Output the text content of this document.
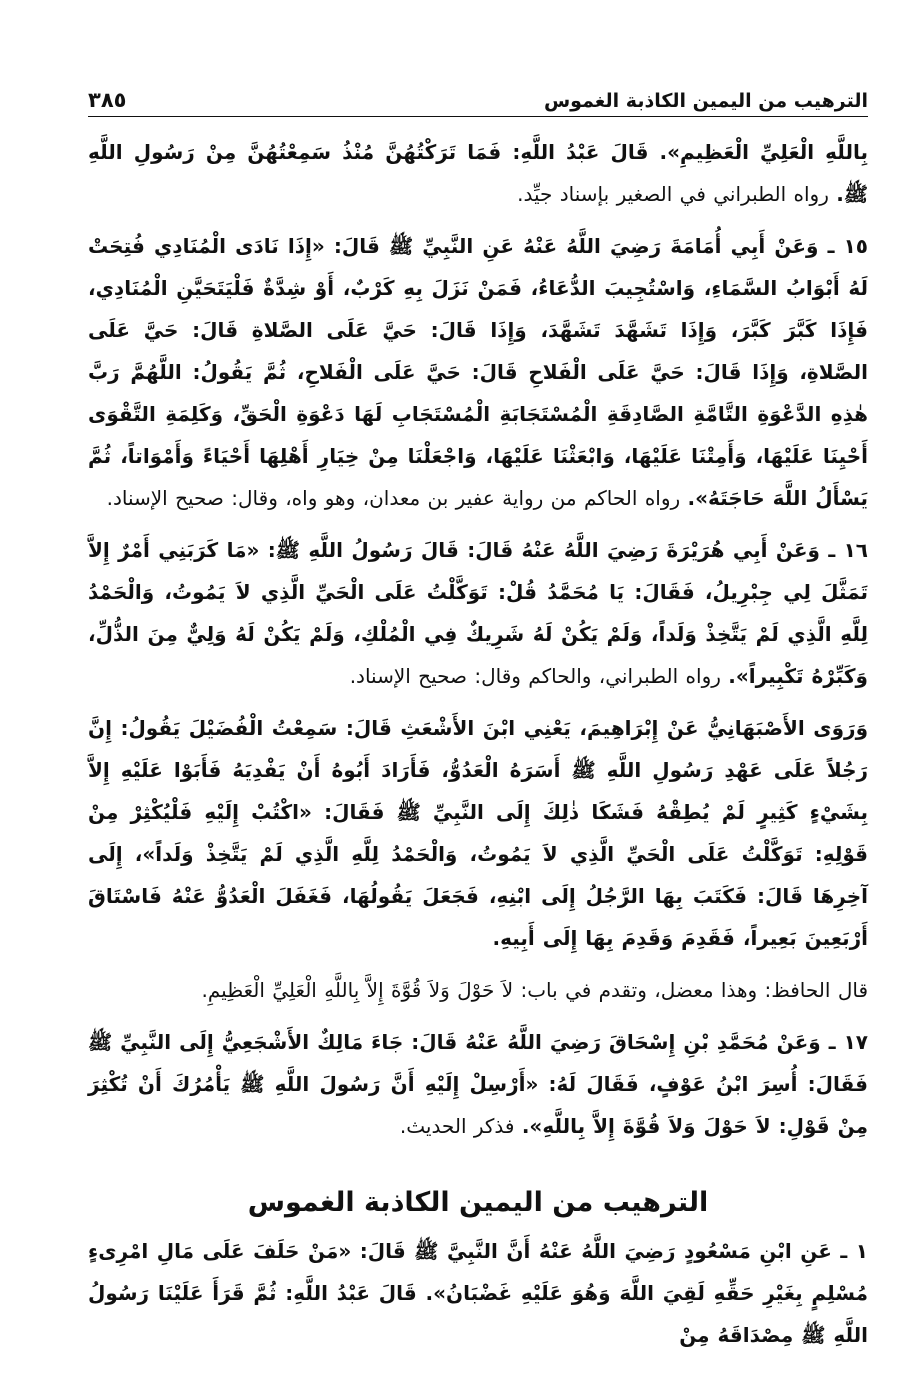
الترهيب من اليمين الكاذبة الغموس
٣٨٥

بِاللَّهِ الْعَلِيِّ الْعَظِيمِ». قَالَ عَبْدُ اللَّهِ: فَمَا تَرَكْتُهُنَّ مُنْذُ سَمِعْتُهُنَّ مِنْ رَسُولِ اللَّهِ ﷺ. رواه الطبراني في الصغير بإسناد جيِّد.

١٥ ـ وَعَنْ أَبِي أُمَامَةَ رَضِيَ اللَّهُ عَنْهُ عَنِ النَّبِيِّ ﷺ قَالَ: «إِذَا نَادَى الْمُنَادِي فُتِحَتْ لَهُ أَبْوَابُ السَّمَاءِ، وَاسْتُجِيبَ الدُّعَاءُ، فَمَنْ نَزَلَ بِهِ كَرْبٌ، أَوْ شِدَّةٌ فَلْيَتَحَيَّنِ الْمُنَادِي، فَإِذَا كَبَّرَ كَبَّرَ، وَإِذَا تَشَهَّدَ تَشَهَّدَ، وَإِذَا قَالَ: حَيَّ عَلَى الصَّلاةِ قَالَ: حَيَّ عَلَى الصَّلاةِ، وَإِذَا قَالَ: حَيَّ عَلَى الْفَلاحِ قَالَ: حَيَّ عَلَى الْفَلاحِ، ثُمَّ يَقُولُ: اللَّهُمَّ رَبَّ هٰذِهِ الدَّعْوَةِ التَّامَّةِ الصَّادِقَةِ الْمُسْتَجَابَةِ الْمُسْتَجَابِ لَهَا دَعْوَةِ الْحَقِّ، وَكَلِمَةِ التَّقْوَى أَحْيِنَا عَلَيْهَا، وَأَمِتْنَا عَلَيْهَا، وَابْعَثْنَا عَلَيْهَا، وَاجْعَلْنَا مِنْ خِيَارِ أَهْلِهَا أَحْيَاءً وَأَمْوَاتاً، ثُمَّ يَسْأَلُ اللَّهَ حَاجَتَهُ». رواه الحاكم من رواية عفير بن معدان، وهو واه، وقال: صحيح الإسناد.

١٦ ـ وَعَنْ أَبِي هُرَيْرَةَ رَضِيَ اللَّهُ عَنْهُ قَالَ: قَالَ رَسُولُ اللَّهِ ﷺ: «مَا كَرَبَنِي أَمْرٌ إِلاَّ تَمَثَّلَ لِي جِبْرِيلُ، فَقَالَ: يَا مُحَمَّدُ قُلْ: تَوَكَّلْتُ عَلَى الْحَيِّ الَّذِي لاَ يَمُوتُ، وَالْحَمْدُ لِلَّهِ الَّذِي لَمْ يَتَّخِذْ وَلَداً، وَلَمْ يَكُنْ لَهُ شَرِيكٌ فِي الْمُلْكِ، وَلَمْ يَكُنْ لَهُ وَلِيٌّ مِنَ الذُّلِّ، وَكَبِّرْهُ تَكْبِيراً». رواه الطبراني، والحاكم وقال: صحيح الإسناد.

وَرَوَى الأَصْبَهَانِيُّ عَنْ إِبْرَاهِيمَ، يَعْنِي ابْنَ الأَشْعَثِ قَالَ: سَمِعْتُ الْفُضَيْلَ يَقُولُ: إِنَّ رَجُلاً عَلَى عَهْدِ رَسُولِ اللَّهِ ﷺ أَسَرَهُ الْعَدُوُّ، فَأَرَادَ أَبُوهُ أَنْ يَفْدِيَهُ فَأَبَوْا عَلَيْهِ إِلاَّ بِشَيْءٍ كَثِيرٍ لَمْ يُطِقْهُ فَشَكَا ذٰلِكَ إِلَى النَّبِيِّ ﷺ فَقَالَ: «اكْتُبْ إِلَيْهِ فَلْيُكْثِرْ مِنْ قَوْلِهِ: تَوَكَّلْتُ عَلَى الْحَيِّ الَّذِي لاَ يَمُوتُ، وَالْحَمْدُ لِلَّهِ الَّذِي لَمْ يَتَّخِذْ وَلَداً»، إِلَى آخِرِهَا قَالَ: فَكَتَبَ بِهَا الرَّجُلُ إِلَى ابْنِهِ، فَجَعَلَ يَقُولُهَا، فَغَفَلَ الْعَدُوُّ عَنْهُ فَاسْتَاقَ أَرْبَعِينَ بَعِيراً، فَقَدِمَ وَقَدِمَ بِهَا إِلَى أَبِيهِ.

قال الحافظ: وهذا معضل، وتقدم في باب: لاَ حَوْلَ وَلاَ قُوَّةَ إِلاَّ بِاللَّهِ الْعَلِيِّ الْعَظِيمِ.

١٧ ـ وَعَنْ مُحَمَّدِ بْنِ إِسْحَاقَ رَضِيَ اللَّهُ عَنْهُ قَالَ: جَاءَ مَالِكٌ الأَشْجَعِيُّ إِلَى النَّبِيِّ ﷺ فَقَالَ: أُسِرَ ابْنُ عَوْفٍ، فَقَالَ لَهُ: «أَرْسِلْ إِلَيْهِ أَنَّ رَسُولَ اللَّهِ ﷺ يَأْمُرُكَ أَنْ تُكْثِرَ مِنْ قَوْلِ: لاَ حَوْلَ وَلاَ قُوَّةَ إِلاَّ بِاللَّهِ». فذكر الحديث.

الترهيب من اليمين الكاذبة الغموس

١ ـ عَنِ ابْنِ مَسْعُودٍ رَضِيَ اللَّهُ عَنْهُ أَنَّ النَّبِيَّ ﷺ قَالَ: «مَنْ حَلَفَ عَلَى مَالِ امْرِىءٍ مُسْلِمٍ بِغَيْرِ حَقِّهِ لَقِيَ اللَّهَ وَهُوَ عَلَيْهِ غَضْبَانُ». قَالَ عَبْدُ اللَّهِ: ثُمَّ قَرَأَ عَلَيْنَا رَسُولُ اللَّهِ ﷺ مِصْدَاقَهُ مِنْ
